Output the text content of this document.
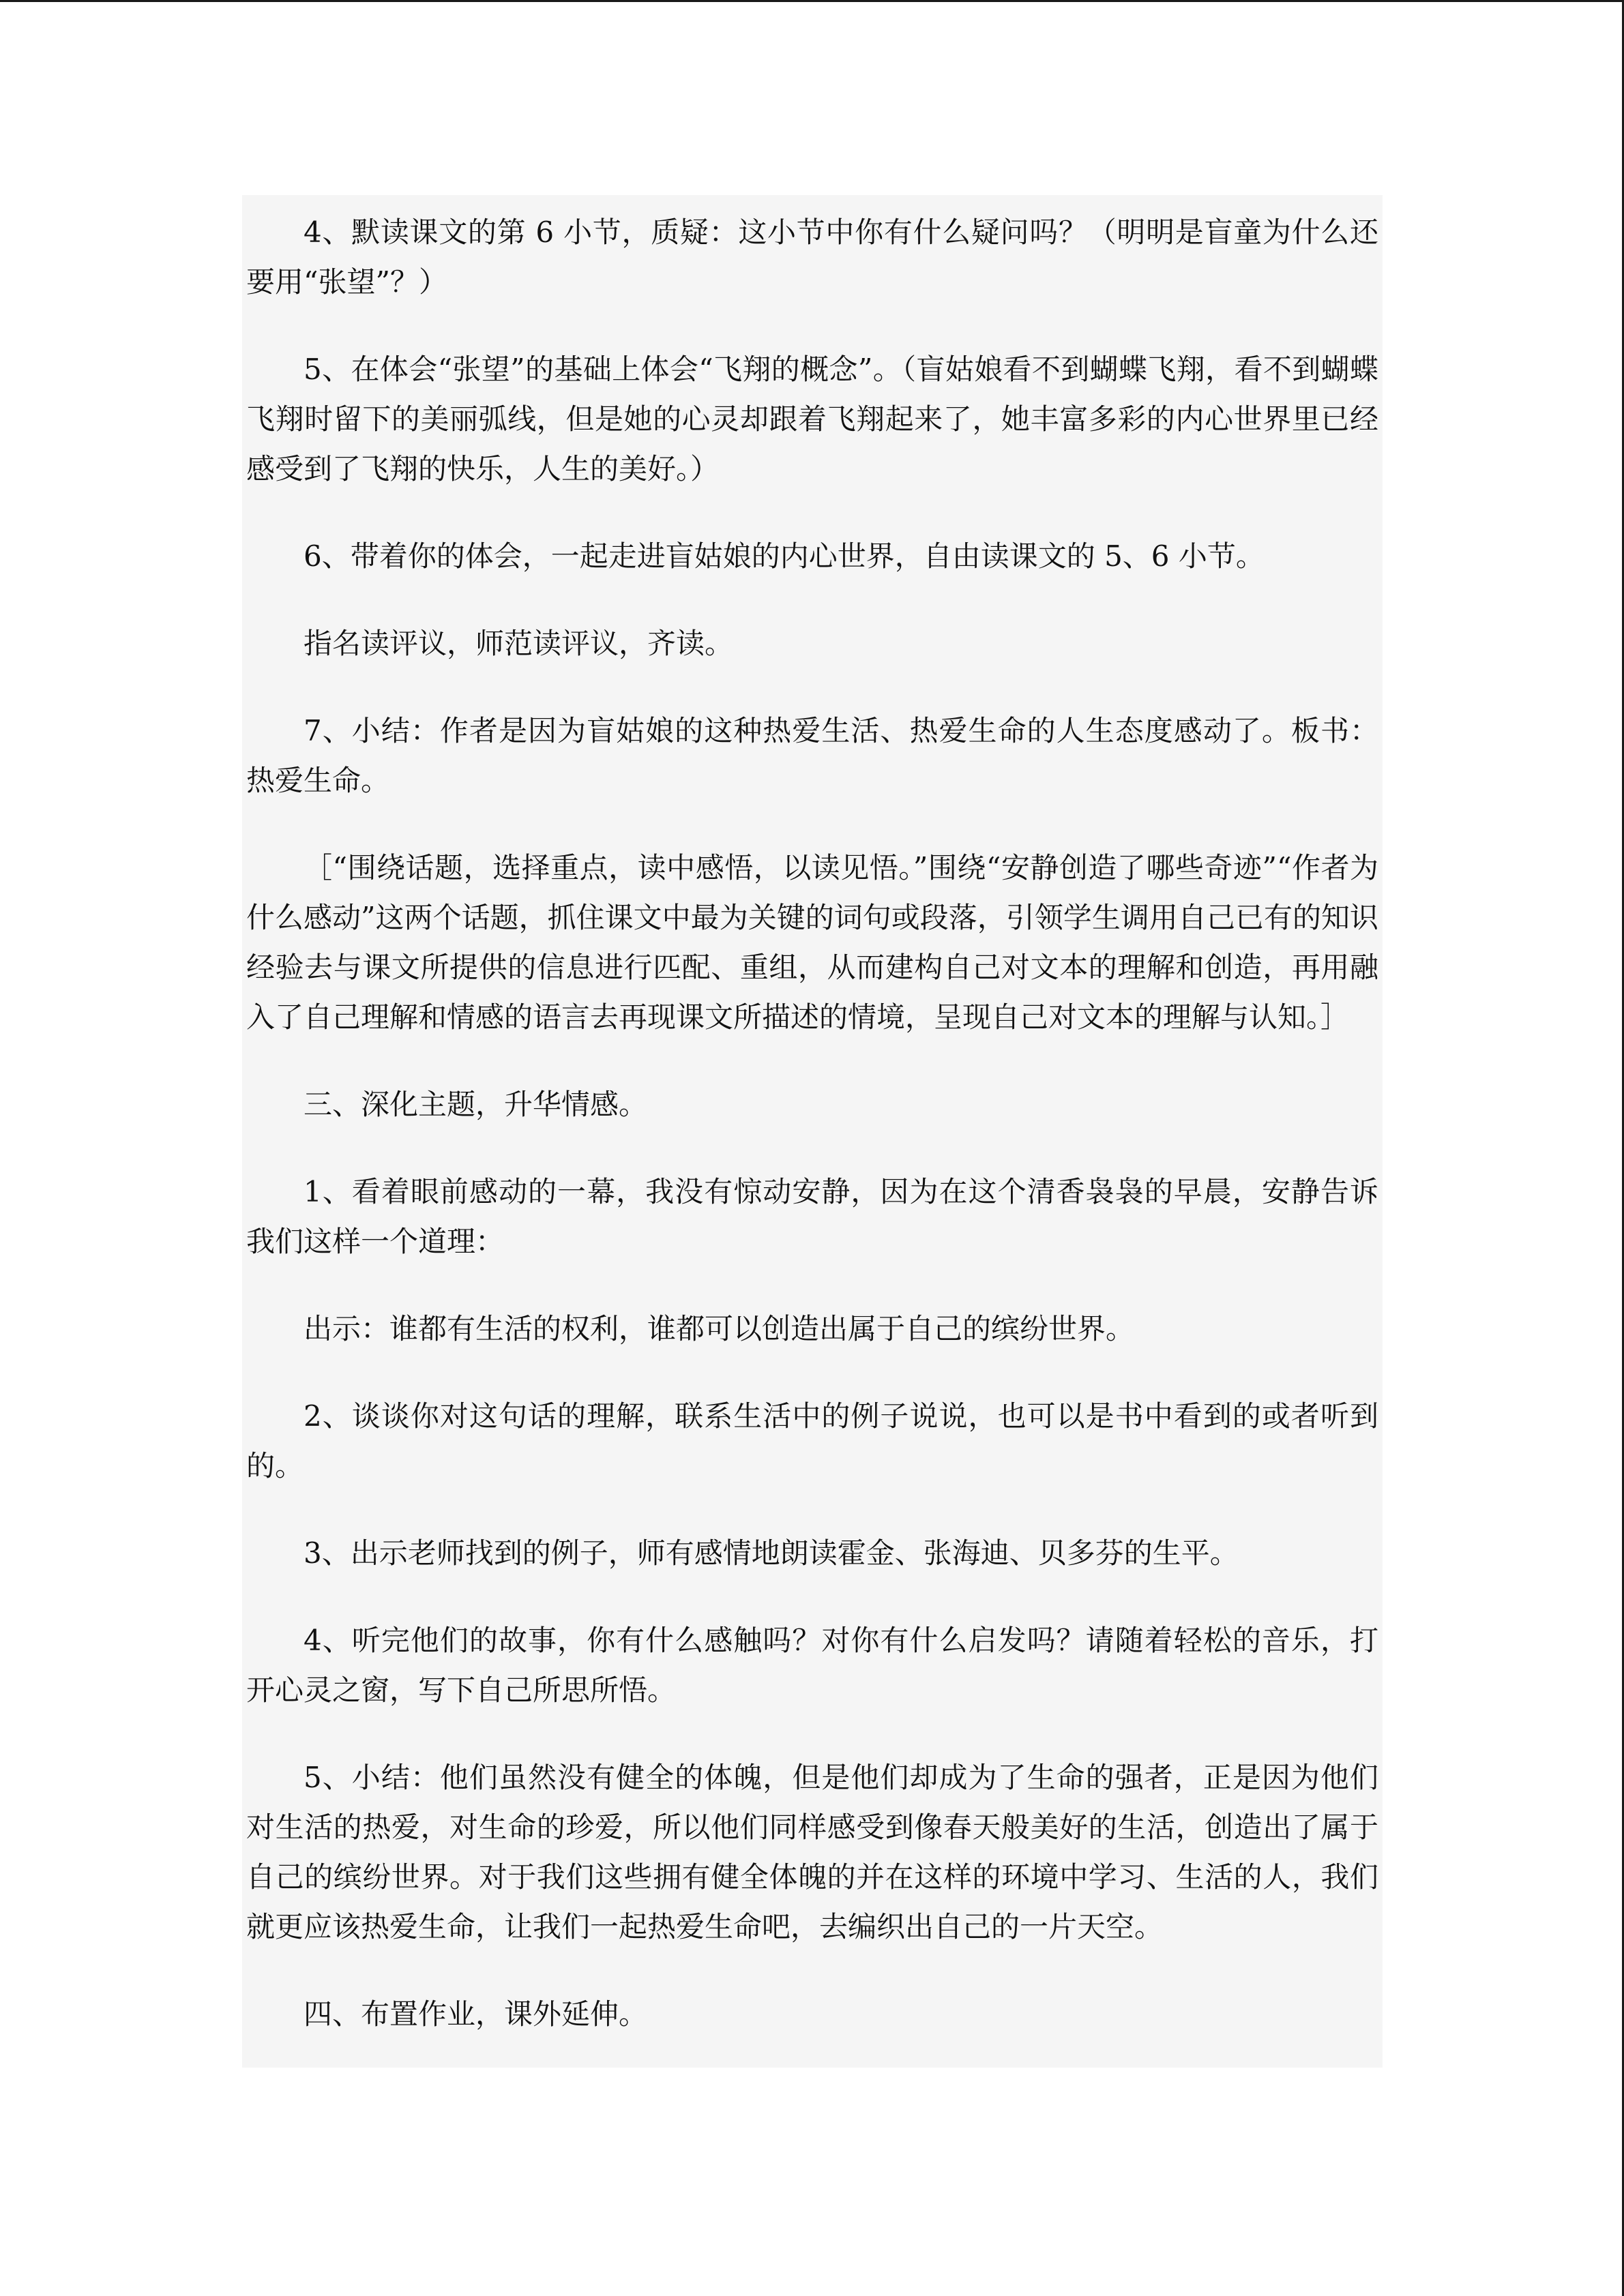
4、默读课文的第 6 小节，质疑：这小节中你有什么疑问吗？（明明是盲童为什么还要用“张望”？）

5、在体会“张望”的基础上体会“飞翔的概念”。（盲姑娘看不到蝴蝶飞翔，看不到蝴蝶飞翔时留下的美丽弧线，但是她的心灵却跟着飞翔起来了，她丰富多彩的内心世界里已经感受到了飞翔的快乐，人生的美好。）

6、带着你的体会，一起走进盲姑娘的内心世界，自由读课文的 5、6 小节。

指名读评议，师范读评议，齐读。

7、小结：作者是因为盲姑娘的这种热爱生活、热爱生命的人生态度感动了。板书：热爱生命。

［“围绕话题，选择重点，读中感悟，以读见悟。”围绕“安静创造了哪些奇迹”“作者为什么感动”这两个话题，抓住课文中最为关键的词句或段落，引领学生调用自己已有的知识经验去与课文所提供的信息进行匹配、重组，从而建构自己对文本的理解和创造，再用融入了自己理解和情感的语言去再现课文所描述的情境，呈现自己对文本的理解与认知。］

三、深化主题，升华情感。

1、看着眼前感动的一幕，我没有惊动安静，因为在这个清香袅袅的早晨，安静告诉我们这样一个道理：

出示：谁都有生活的权利，谁都可以创造出属于自己的缤纷世界。

2、谈谈你对这句话的理解，联系生活中的例子说说，也可以是书中看到的或者听到的。

3、出示老师找到的例子，师有感情地朗读霍金、张海迪、贝多芬的生平。

4、听完他们的故事，你有什么感触吗？对你有什么启发吗？请随着轻松的音乐，打开心灵之窗，写下自己所思所悟。

5、小结：他们虽然没有健全的体魄，但是他们却成为了生命的强者，正是因为他们对生活的热爱，对生命的珍爱，所以他们同样感受到像春天般美好的生活，创造出了属于自己的缤纷世界。对于我们这些拥有健全体魄的并在这样的环境中学习、生活的人，我们就更应该热爱生命，让我们一起热爱生命吧，去编织出自己的一片天空。

四、布置作业，课外延伸。
